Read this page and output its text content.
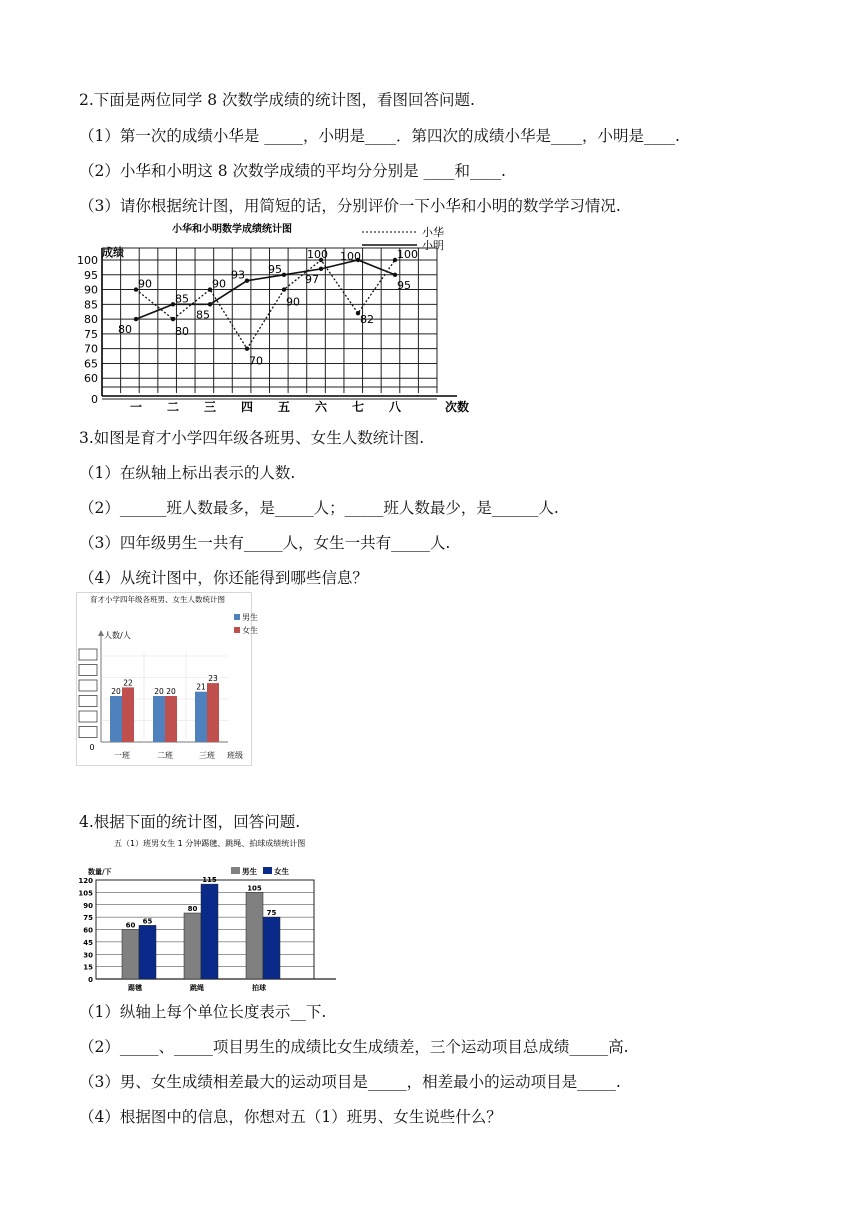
2.下面是两位同学 8 次数学成绩的统计图，看图回答问题.
（1）第一次的成绩小华是 _____，小明是____．第四次的成绩小华是____，小明是____.
（2）小华和小明这 8 次数学成绩的平均分分别是 ____和____.
（3）请你根据统计图，用简短的话，分别评价一下小华和小明的数学学习情况.
小华和小明数学成绩统计图
成绩
小华
小明
0
60
65
70
75
80
85
90
95
100
一 二 三 四 五 六 七 八	次数
90
80
90
70
90
100
82
100
80
85
85
93 95
97
100
95
3.如图是育才小学四年级各班男、女生人数统计图.
（1）在纵轴上标出表示的人数.
（2）______班人数最多，是_____人；_____班人数最少，是______人.
（3）四年级男生一共有_____人，女生一共有_____人.
（4）从统计图中，你还能得到哪些信息？
育才小学四年级各班男、女生人数统计图
男生
女生
人数/人
0
20
22
一班
20 20
二班
21
23
三班 班级
4.根据下面的统计图，回答问题.
五（1）班男女生 1 分钟踢毽、跳绳、拍球成绩统计图
数量/下	男生 女生
0
15
30
45
60
75
90
105
120
60
65
踢毽
80
115
跳绳
105
75
拍球
（1）纵轴上每个单位长度表示__下.
（2）_____、_____项目男生的成绩比女生成绩差，三个运动项目总成绩_____高.
（3）男、女生成绩相差最大的运动项目是_____，相差最小的运动项目是_____.
（4）根据图中的信息，你想对五（1）班男、女生说些什么？
